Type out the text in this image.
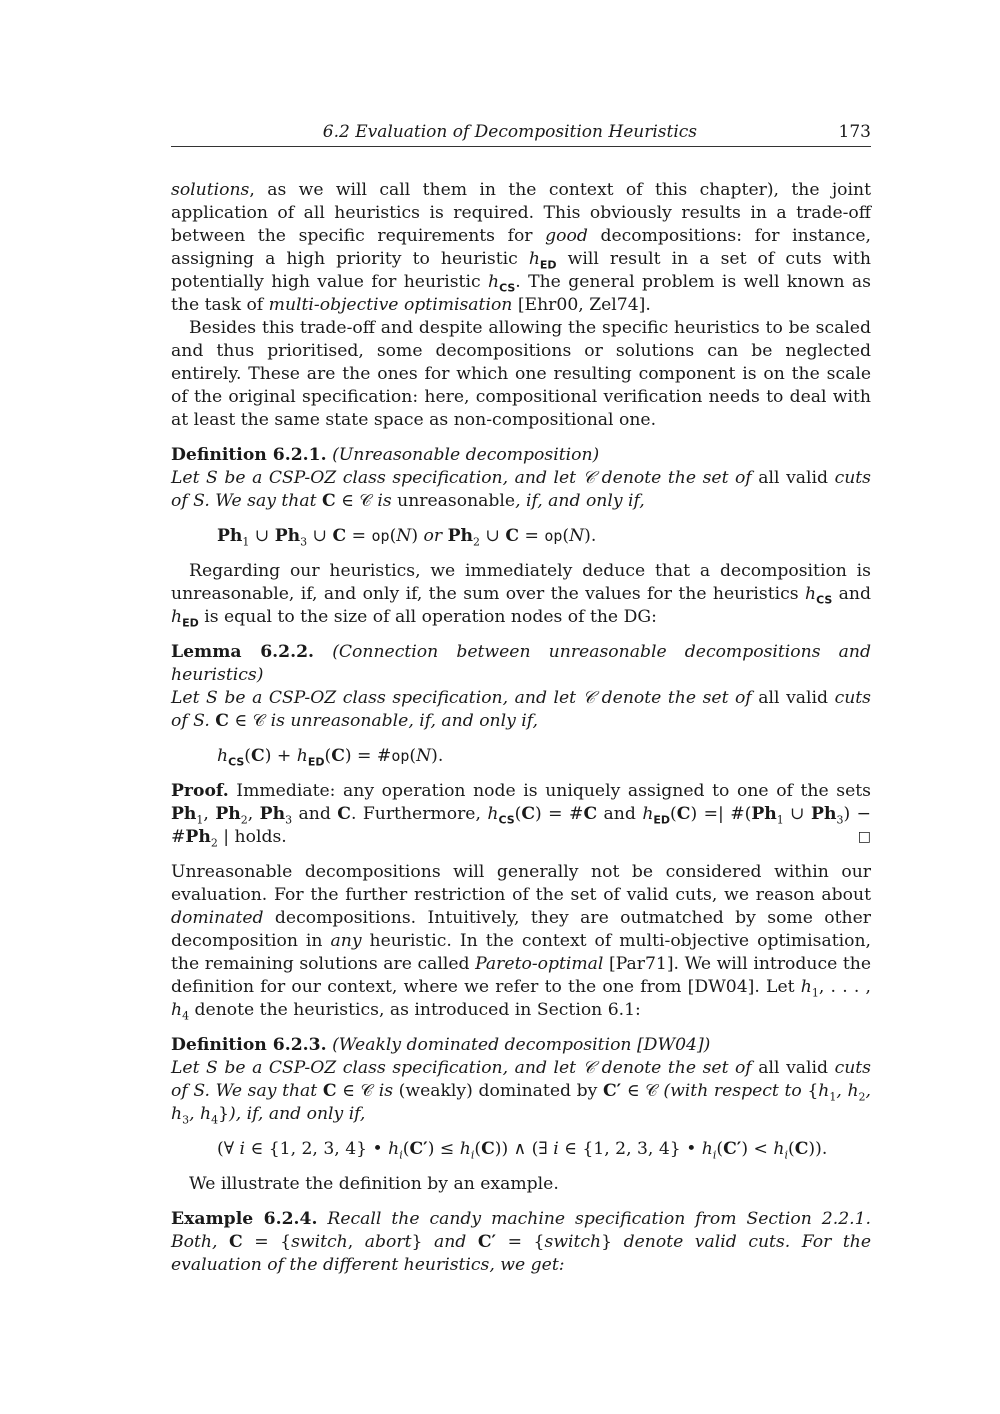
6.2 Evaluation of Decomposition Heuristics	173

solutions, as we will call them in the context of this chapter), the joint application of all heuristics is required. This obviously results in a trade-off between the specific requirements for good decompositions: for instance, assigning a high priority to heuristic $h_{ED}$ will result in a set of cuts with potentially high value for heuristic $h_{CS}$. The general problem is well known as the task of multi-objective optimisation [Ehr00, Zel74].

Besides this trade-off and despite allowing the specific heuristics to be scaled and thus prioritised, some decompositions or solutions can be neglected entirely. These are the ones for which one resulting component is on the scale of the original specification: here, compositional verification needs to deal with at least the same state space as non-compositional one.

Definition 6.2.1. (Unreasonable decomposition)

Let S be a CSP-OZ class specification, and let 𝒞 denote the set of all valid cuts of S. We say that C ∈ 𝒞 is unreasonable, if, and only if,

$Ph_1$ ∪ $Ph_3$ ∪ C = op(N) or $Ph_2$ ∪ C = op(N).

Regarding our heuristics, we immediately deduce that a decomposition is unreasonable, if, and only if, the sum over the values for the heuristics $h_{CS}$ and $h_{ED}$ is equal to the size of all operation nodes of the DG:

Lemma 6.2.2. (Connection between unreasonable decompositions and heuristics)

Let S be a CSP-OZ class specification, and let 𝒞 denote the set of all valid cuts of S. C ∈ 𝒞 is unreasonable, if, and only if,

$h_{CS}(C) + h_{ED}(C)$ = #op(N).

Proof. Immediate: any operation node is uniquely assigned to one of the sets $Ph_1$, $Ph_2$, $Ph_3$ and C. Furthermore, $h_{CS}(C)$ = #C and $h_{ED}(C)$ =| $\#(Ph_1$ ∪ $Ph_3$) − $\#Ph_2$ | holds.	□

Unreasonable decompositions will generally not be considered within our evaluation. For the further restriction of the set of valid cuts, we reason about dominated decompositions. Intuitively, they are outmatched by some other decomposition in any heuristic. In the context of multi-objective optimisation, the remaining solutions are called Pareto-optimal [Par71]. We will introduce the definition for our context, where we refer to the one from [DW04]. Let $h_1$, . . . , $h_4$ denote the heuristics, as introduced in Section 6.1:

Definition 6.2.3. (Weakly dominated decomposition [DW04])

Let S be a CSP-OZ class specification, and let 𝒞 denote the set of all valid cuts of S. We say that C ∈ 𝒞 is (weakly) dominated by C′ ∈ 𝒞 (with respect to {$h_1$, $h_2$, $h_3$, $h_4$}), if, and only if,

(∀ i ∈ {1, 2, 3, 4} • $h_i(C') \le h_i(C)$) ∧ (∃ i ∈ {1, 2, 3, 4} • $h_i(C') < h_i(C)$).

We illustrate the definition by an example.

Example 6.2.4. Recall the candy machine specification from Section 2.2.1. Both, C = {switch, abort} and C′ = {switch} denote valid cuts. For the evaluation of the different heuristics, we get:
